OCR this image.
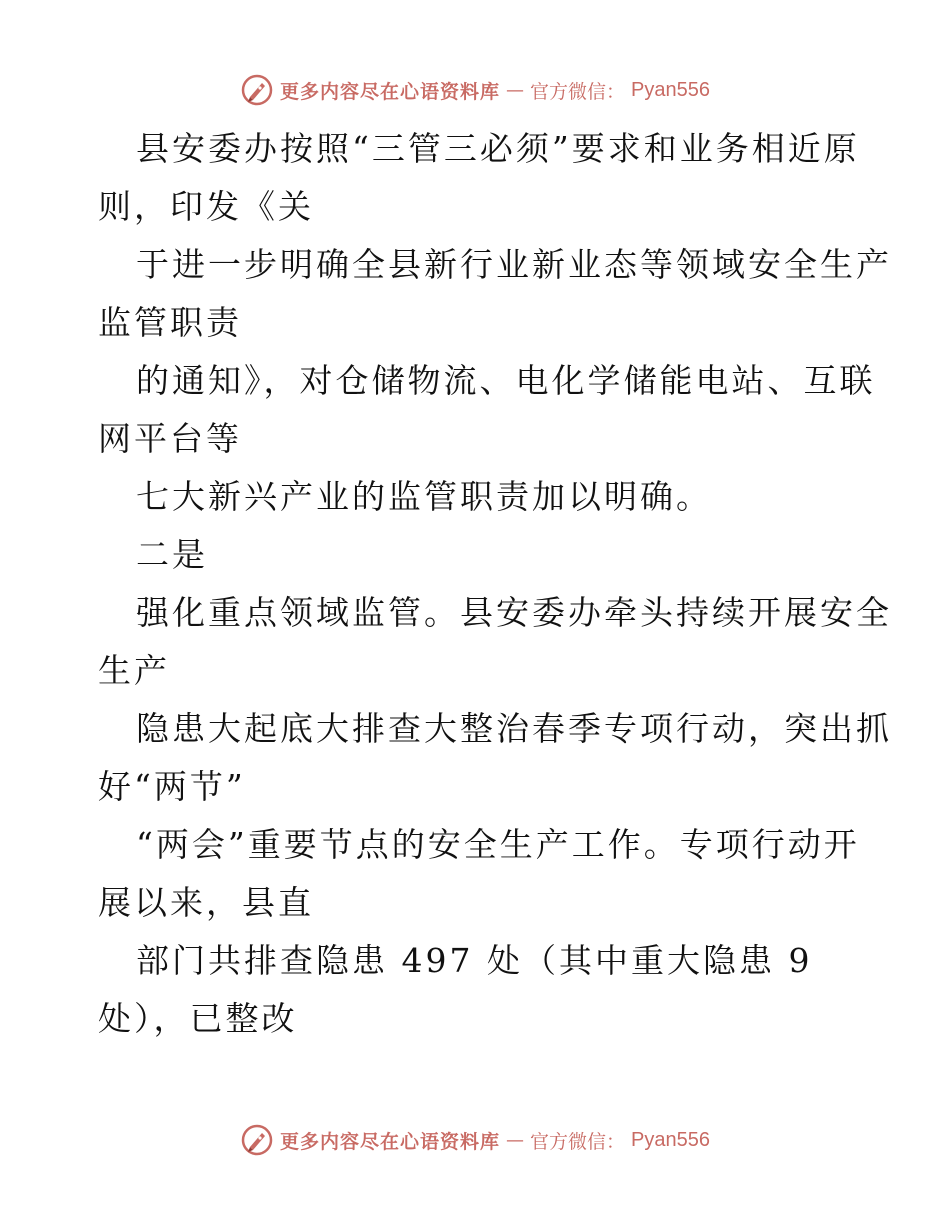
更多内容尽在心语资料库 — 官方微信： Pyan556
县安委办按照“三管三必须”要求和业务相近原
则，印发《关
于进一步明确全县新行业新业态等领域安全生产
监管职责
的通知》，对仓储物流、电化学储能电站、互联
网平台等
七大新兴产业的监管职责加以明确。
二是
强化重点领域监管。县安委办牵头持续开展安全
生产
隐患大起底大排查大整治春季专项行动，突出抓
好“两节”
“两会”重要节点的安全生产工作。专项行动开
展以来，县直
部门共排查隐患 497 处（其中重大隐患 9
处），已整改
更多内容尽在心语资料库 — 官方微信： Pyan556
